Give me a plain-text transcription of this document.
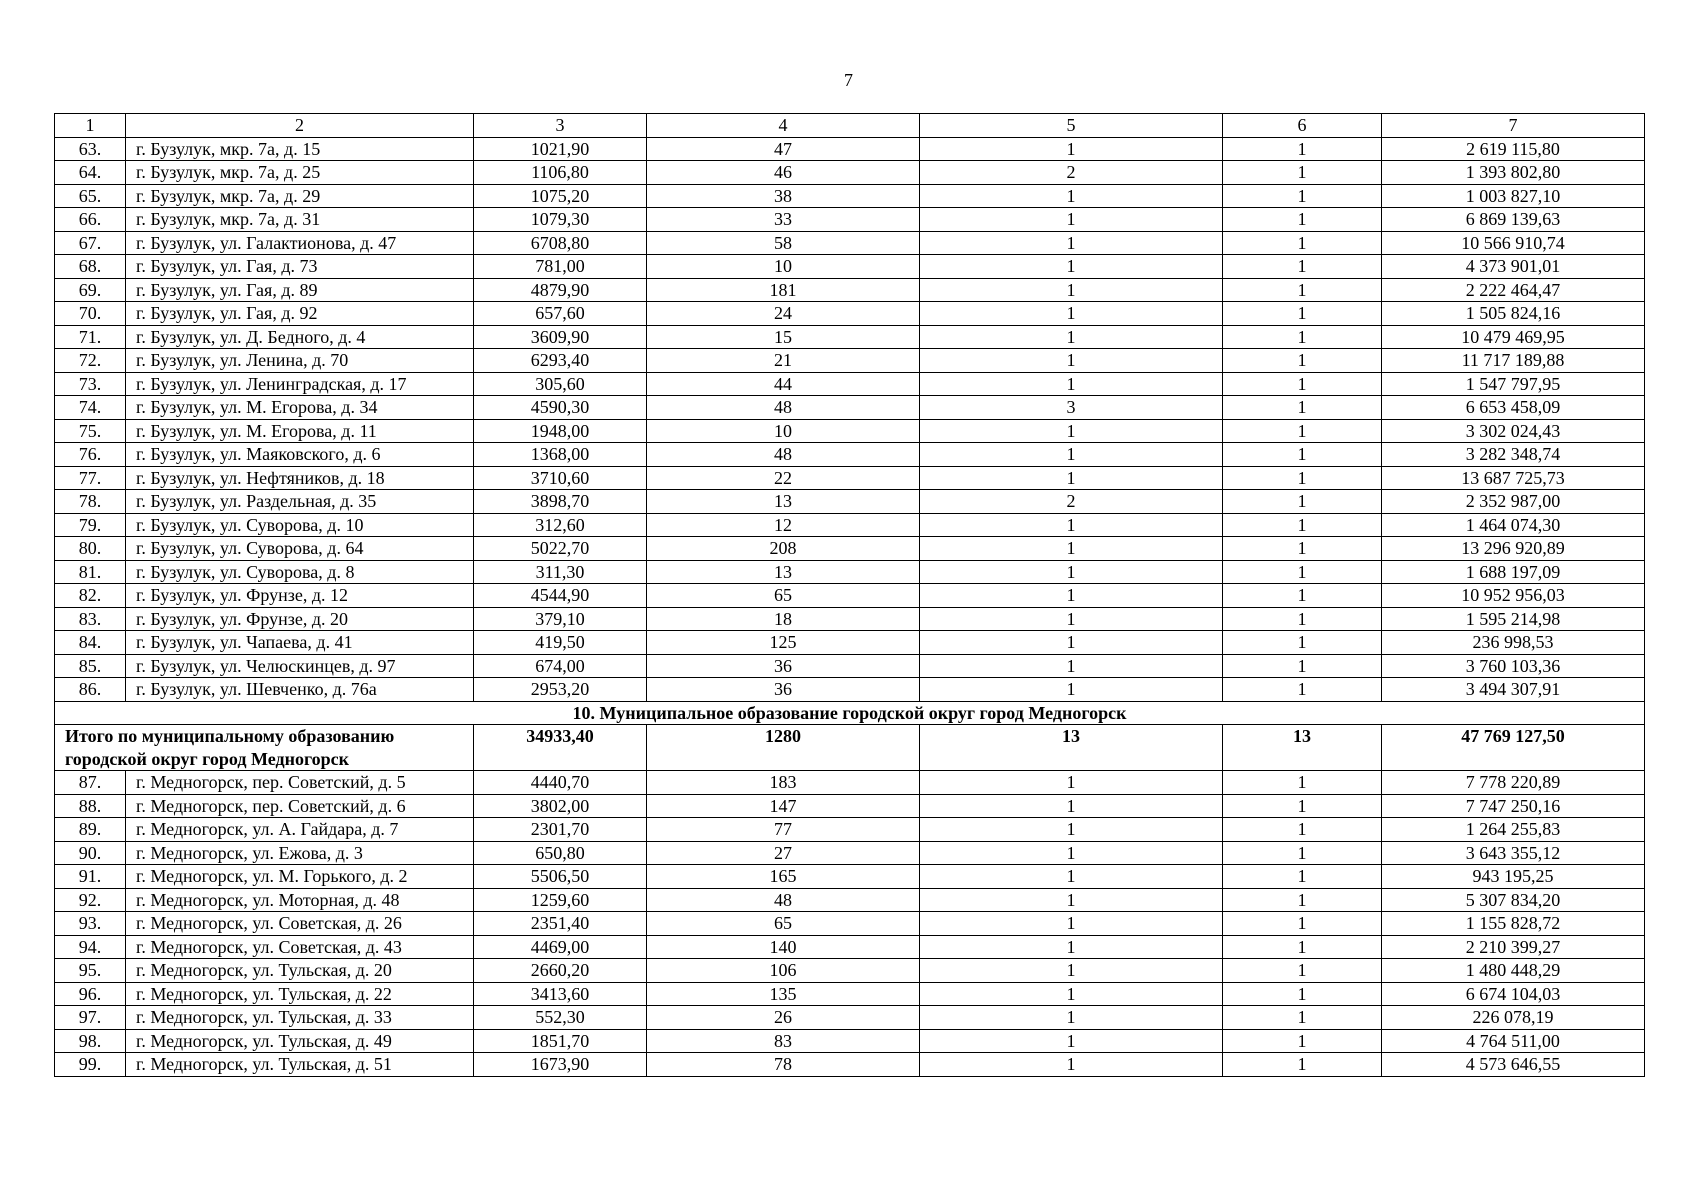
7
1	2	3	4	5	6	7
63.	г. Бузулук, мкр. 7а, д. 15	1021,90	47	1	1	2 619 115,80
64.	г. Бузулук, мкр. 7а, д. 25	1106,80	46	2	1	1 393 802,80
65.	г. Бузулук, мкр. 7а, д. 29	1075,20	38	1	1	1 003 827,10
66.	г. Бузулук, мкр. 7а, д. 31	1079,30	33	1	1	6 869 139,63
67.	г. Бузулук, ул. Галактионова, д. 47	6708,80	58	1	1	10 566 910,74
68.	г. Бузулук, ул. Гая, д. 73	781,00	10	1	1	4 373 901,01
69.	г. Бузулук, ул. Гая, д. 89	4879,90	181	1	1	2 222 464,47
70.	г. Бузулук, ул. Гая, д. 92	657,60	24	1	1	1 505 824,16
71.	г. Бузулук, ул. Д. Бедного, д. 4	3609,90	15	1	1	10 479 469,95
72.	г. Бузулук, ул. Ленина, д. 70	6293,40	21	1	1	11 717 189,88
73.	г. Бузулук, ул. Ленинградская, д. 17	305,60	44	1	1	1 547 797,95
74.	г. Бузулук, ул. М. Егорова, д. 34	4590,30	48	3	1	6 653 458,09
75.	г. Бузулук, ул. М. Егорова, д. 11	1948,00	10	1	1	3 302 024,43
76.	г. Бузулук, ул. Маяковского, д. 6	1368,00	48	1	1	3 282 348,74
77.	г. Бузулук, ул. Нефтяников, д. 18	3710,60	22	1	1	13 687 725,73
78.	г. Бузулук, ул. Раздельная, д. 35	3898,70	13	2	1	2 352 987,00
79.	г. Бузулук, ул. Суворова, д. 10	312,60	12	1	1	1 464 074,30
80.	г. Бузулук, ул. Суворова, д. 64	5022,70	208	1	1	13 296 920,89
81.	г. Бузулук, ул. Суворова, д. 8	311,30	13	1	1	1 688 197,09
82.	г. Бузулук, ул. Фрунзе, д. 12	4544,90	65	1	1	10 952 956,03
83.	г. Бузулук, ул. Фрунзе, д. 20	379,10	18	1	1	1 595 214,98
84.	г. Бузулук, ул. Чапаева, д. 41	419,50	125	1	1	236 998,53
85.	г. Бузулук, ул. Челюскинцев, д. 97	674,00	36	1	1	3 760 103,36
86.	г. Бузулук, ул. Шевченко, д. 76а	2953,20	36	1	1	3 494 307,91
10. Муниципальное образование городской округ город Медногорск						
Итого по муниципальному образованию городской округ город Медногорск		34933,40	1280	13	13	47 769 127,50
87.	г. Медногорск, пер. Советский, д. 5	4440,70	183	1	1	7 778 220,89
88.	г. Медногорск, пер. Советский, д. 6	3802,00	147	1	1	7 747 250,16
89.	г. Медногорск, ул. А. Гайдара, д. 7	2301,70	77	1	1	1 264 255,83
90.	г. Медногорск, ул. Ежова, д. 3	650,80	27	1	1	3 643 355,12
91.	г. Медногорск, ул. М. Горького, д. 2	5506,50	165	1	1	943 195,25
92.	г. Медногорск, ул. Моторная, д. 48	1259,60	48	1	1	5 307 834,20
93.	г. Медногорск, ул. Советская, д. 26	2351,40	65	1	1	1 155 828,72
94.	г. Медногорск, ул. Советская, д. 43	4469,00	140	1	1	2 210 399,27
95.	г. Медногорск, ул. Тульская, д. 20	2660,20	106	1	1	1 480 448,29
96.	г. Медногорск, ул. Тульская, д. 22	3413,60	135	1	1	6 674 104,03
97.	г. Медногорск, ул. Тульская, д. 33	552,30	26	1	1	226 078,19
98.	г. Медногорск, ул. Тульская, д. 49	1851,70	83	1	1	4 764 511,00
99.	г. Медногорск, ул. Тульская, д. 51	1673,90	78	1	1	4 573 646,55
